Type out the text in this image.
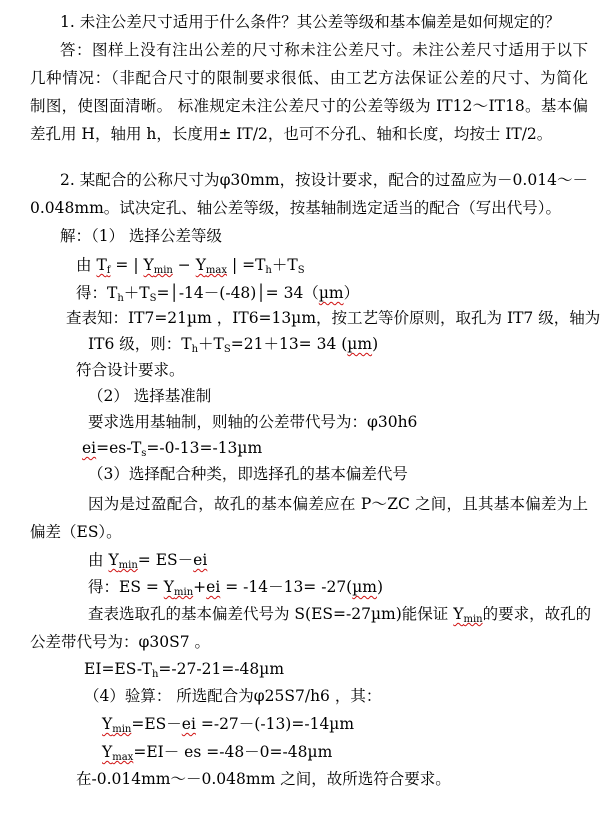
1. 未注公差尺寸适用于什么条件？其公差等级和基本偏差是如何规定的？
答：图样上没有注出公差的尺寸称未注公差尺寸。未注公差尺寸适用于以下
几种情况：（非配合尺寸的限制要求很低、由工艺方法保证公差的尺寸、为简化
制图，使图面清晰。 标准规定未注公差尺寸的公差等级为 IT12～IT18。基本偏
差孔用 H，轴用 h，长度用± IT/2，也可不分孔、轴和长度，均按士 IT/2。
2. 某配合的公称尺寸为φ30mm，按设计要求，配合的过盈应为－0.014～－
0.048mm。试决定孔、轴公差等级，按基轴制选定适当的配合（写出代号）。
解：（1） 选择公差等级
由 $T_f$ = | $Y_{min} - Y_{max}$ | $=T_h+T_S$
得：$T_h+T_S=│-14-(-48)│= 34(\mu m)$
查表知：IT7=21µm ，IT6=13µm，按工艺等价原则，取孔为 IT7 级，轴为
IT6 级，则：$T_h+T_S=21+13= 34$ (µm)
符合设计要求。
（2） 选择基准制
要求选用基轴制，则轴的公差带代号为：φ30h6
$ei=es-T_s=-0-13=-13\mu m$
（3）选择配合种类，即选择孔的基本偏差代号
因为是过盈配合，故孔的基本偏差应在 P～ZC 之间，且其基本偏差为上
偏差（ES）。
由 $Y_{min}= ES-ei$
得：ES = $Y_{min}+ei = -14-13= -27(\mu m)$
查表选取孔的基本偏差代号为 S(ES=-27µm)能保证 $Y_{min}$的要求，故孔的
公差带代号为：φ30S7 。
$EI=ES-T_h=-27-21=-48\mu m$
（4）验算： 所选配合为φ25S7/h6 ，其：
$Y_{min}=ES-ei =-27-(-13)=-14\mu m$
$Y_{max}=EI-$ es =-48－0=-48µm
在-0.014mm～－0.048mm 之间，故所选符合要求。
